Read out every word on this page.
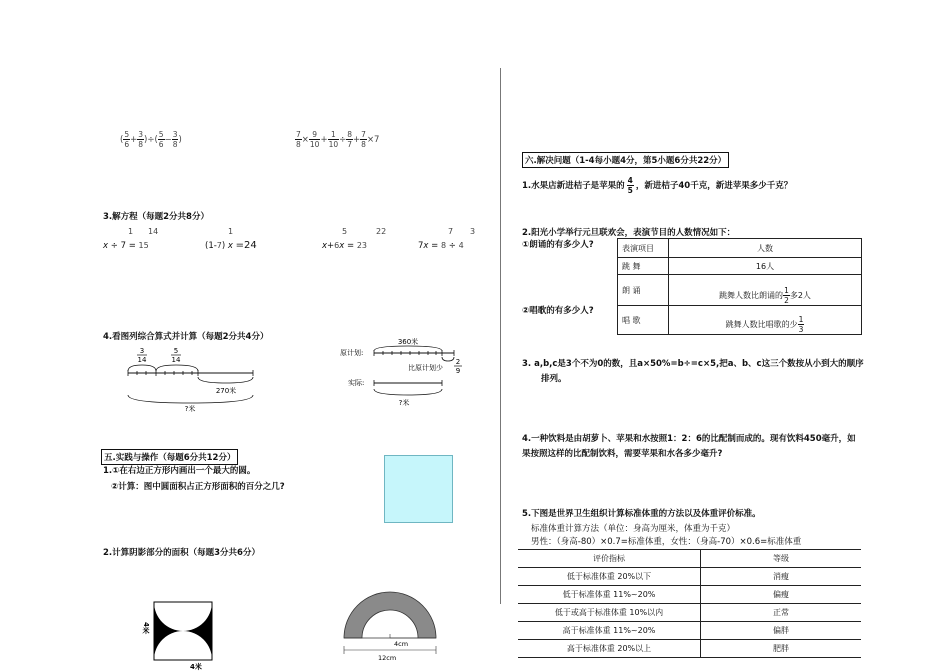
( $\frac{5}{6} + \frac{3}{8}$ )÷( $\frac{5}{6} - \frac{3}{8}$ )	$\frac{7}{8} \times \frac{9}{10} + \frac{1}{10} \div \frac{8}{7} + \frac{7}{8} \times 7$
3.解方程（每题2分共8分）
1 14
x ÷ 7 = 15
1
(1-7) x =24
5	22
x+6x = 23
7 3
7x = 8 ÷ 4
4.看图列综合算式并计算（每题2分共4分）
3
14
5
14
270米
?米
360米
原计划:
比原计划少
2
9
实际:
?米
五.实践与操作（每题6分共12分）
1.①在右边正方形内画出一个最大的圆。
②计算：图中圆面积占正方形面积的百分之几?
2.计算阴影部分的面积（每题3分共6分）
4米
4米
4cm
12cm
六.解决问题（1-4每小题4分，第5小题6分共22分）
1.水果店新进桔子是苹果的 $\frac{4}{5}$ ，新进桔子40千克，新进苹果多少千克？
2.阳光小学举行元旦联欢会，表演节目的人数情况如下：
①朗诵的有多少人?
②唱歌的有多少人?
表演项目	人数
跳 舞	16人
朗 诵	跳舞人数比朗诵的 $\frac{1}{2}$ 多2人
唱 歌	跳舞人数比唱歌的少 $\frac{1}{3}$
3. a,b,c是3个不为0的数，且a×50%=b÷=c×5,把a、b、c这三个数按从小到大的顺序
排列。
4.一种饮料是由胡萝卜、苹果和水按照1：2：6的比配制而成的。现有饮料450毫升，如
果按照这样的比配制饮料，需要苹果和水各多少毫升?
5.下图是世界卫生组织计算标准体重的方法以及体重评价标准。
标准体重计算方法（单位：身高为厘米，体重为千克）
男性：（身高-80）×0.7=标准体重，女性：（身高-70）×0.6=标准体重
评价指标	等级
低于标准体重 20%以下	消瘦
低于标准体重 11%~20%	偏瘦
低于或高于标准体重 10%以内	正常
高于标准体重 11%~20%	偏胖
高于标准体重 20%以上	肥胖
